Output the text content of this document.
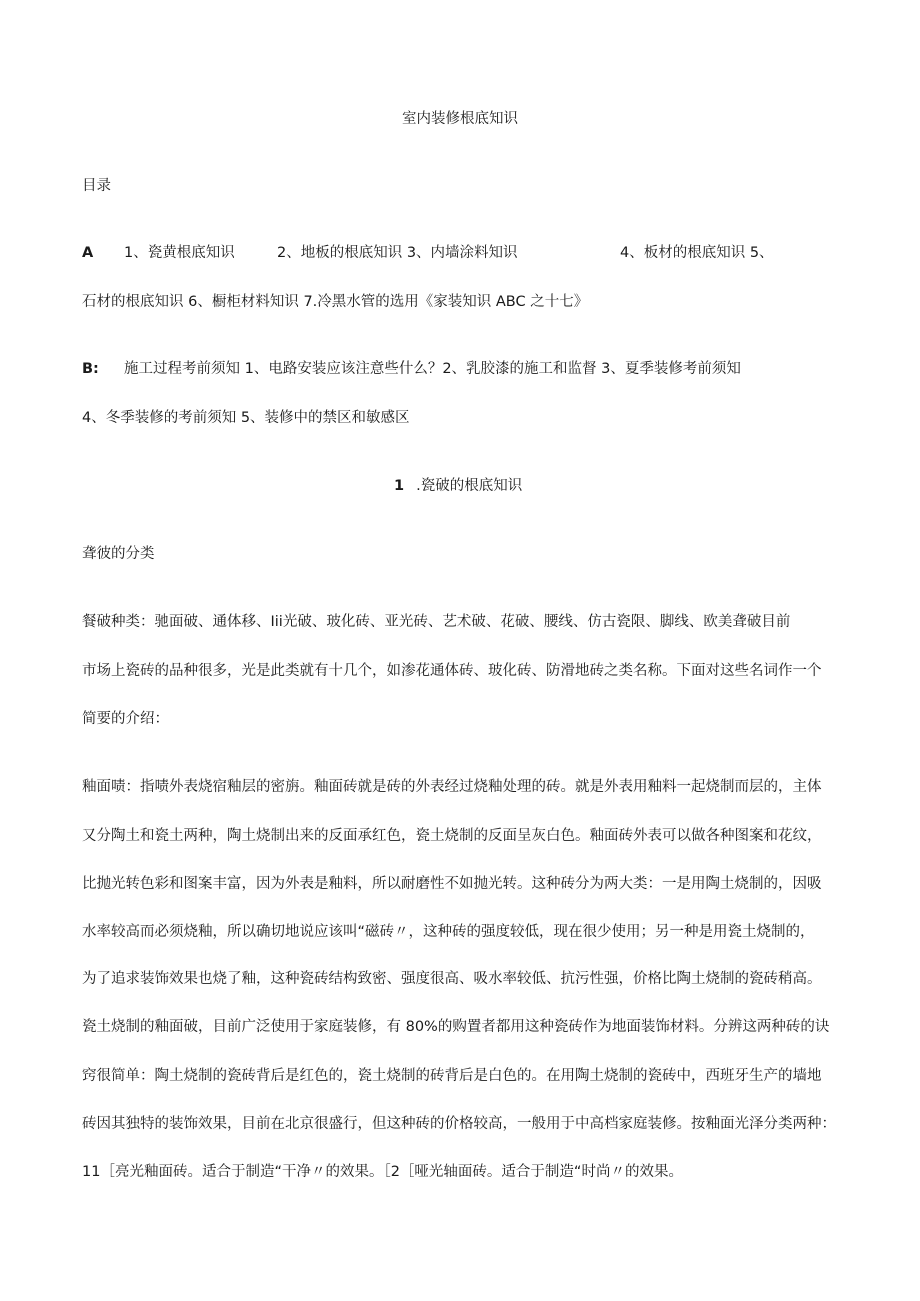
室内装修根底知识
目录
A 1、瓷黄根底知识	2、地板的根底知识 3、内墙涂料知识	4、板材的根底知识 5、
石材的根底知识 6、橱柜材料知识 7.冷黑水管的选用《家装知识 ABC 之十七》
B: 施工过程考前须知 1、电路安装应该注意些什么？2、乳胶漆的施工和监督 3、夏季装修考前须知
4、冬季装修的考前须知 5、装修中的禁区和敏感区
1 .瓷破的根底知识
聋彼的分类
餐破种类：驰面破、通体移、Iii光破、玻化砖、亚光砖、艺术破、花破、腰线、仿古瓷限、脚线、欧美聋破目前
市场上瓷砖的品种很多，光是此类就有十几个，如渗花通体砖、玻化砖、防滑地砖之类名称。下面对这些名词作一个
简要的介绍：
釉面啧：指啧外表烧宿釉层的密旃。釉面砖就是砖的外表经过烧釉处理的砖。就是外表用釉料一起烧制而层的，主体
又分陶土和瓷土两种，陶土烧制出来的反面承红色，瓷土烧制的反面呈灰白色。釉面砖外表可以做各种图案和花纹，
比抛光转色彩和图案丰富，因为外表是釉料，所以耐磨性不如抛光转。这种砖分为两大类：一是用陶土烧制的，因吸
水率较高而必须烧釉，所以确切地说应该叫“磁砖〃，这种砖的强度较低，现在很少使用；另一种是用瓷土烧制的，
为了追求装饰效果也烧了釉，这种瓷砖结构致密、强度很高、吸水率较低、抗污性强，价格比陶土烧制的瓷砖稍高。
瓷土烧制的釉面破，目前广泛使用于家庭装修，有 80%的购置者都用这种瓷砖作为地面装饰材料。分辨这两种砖的诀
窍很简单：陶土烧制的瓷砖背后是红色的，瓷土烧制的砖背后是白色的。在用陶土烧制的瓷砖中，西班牙生产的墙地
砖因其独特的装饰效果，目前在北京很盛行，但这种砖的价格较高，一般用于中高档家庭装修。按釉面光泽分类两种：
11［亮光釉面砖。适合于制造“干净〃的效果。［2［哑光轴面砖。适合于制造“时尚〃的效果。
